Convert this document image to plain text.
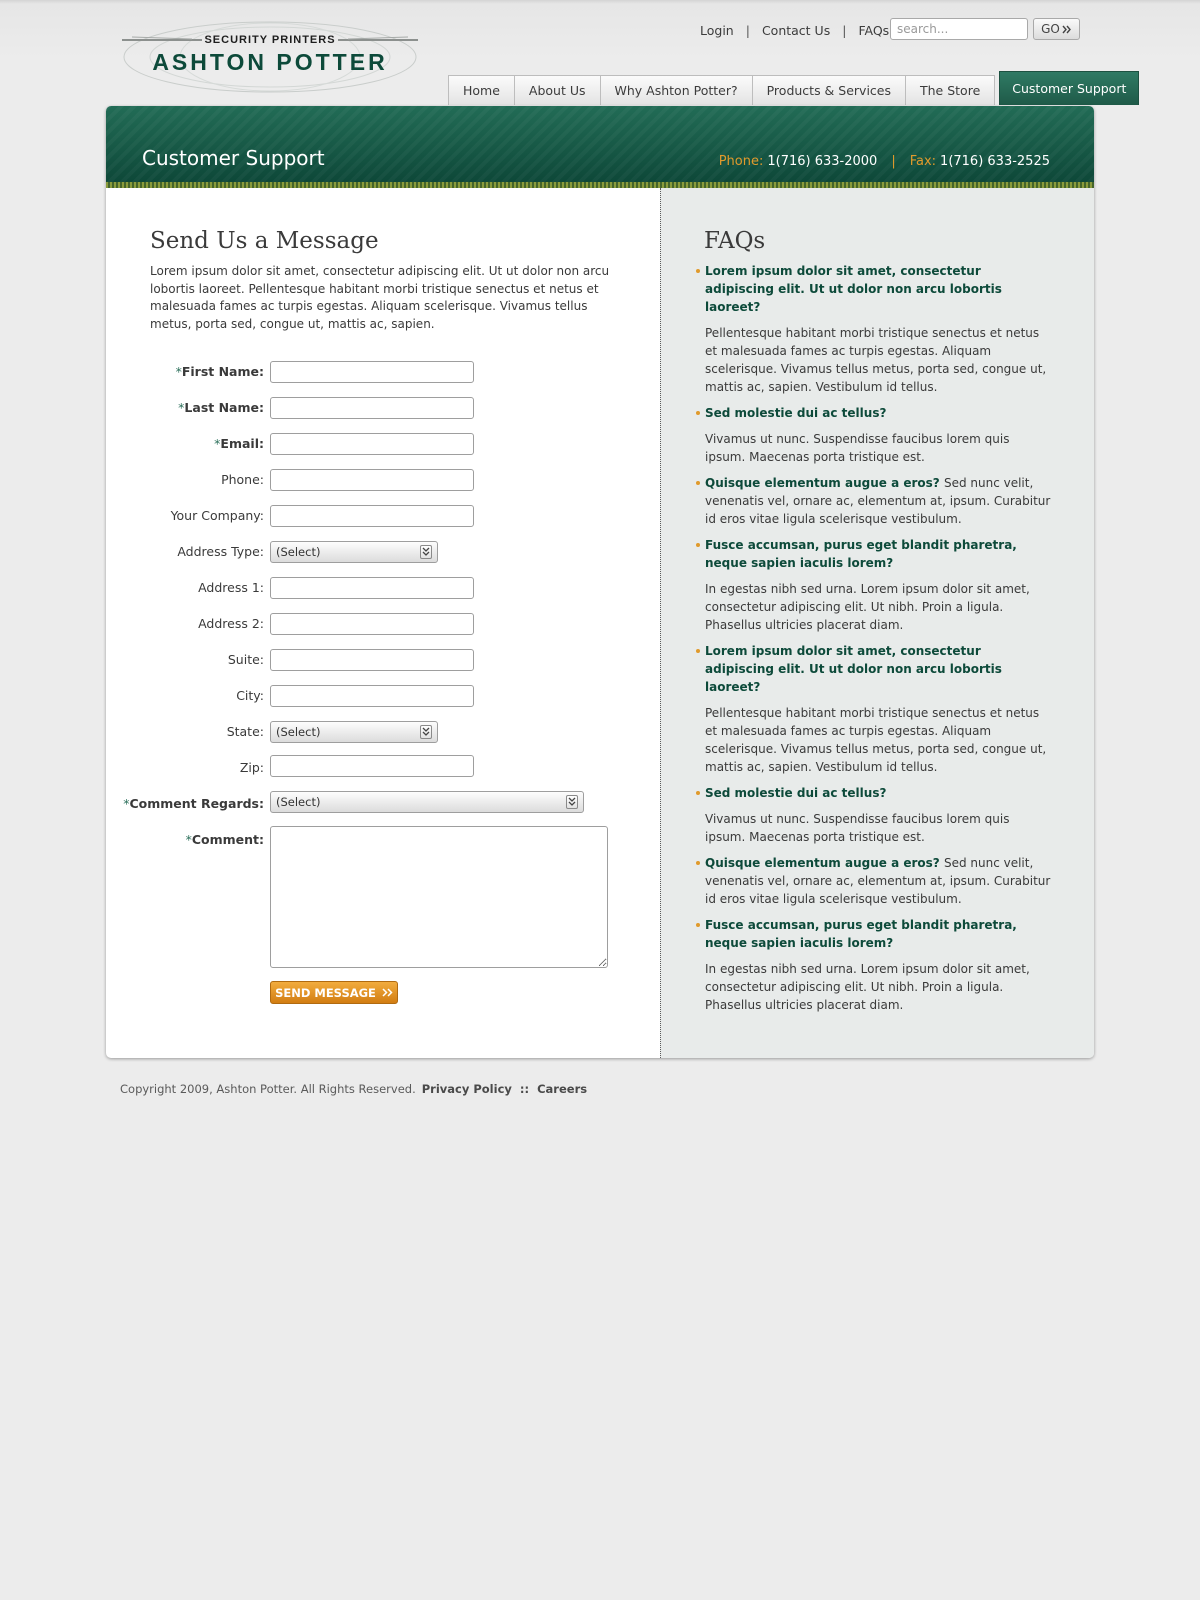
SECURITY PRINTERS
ASHTON POTTER
Login | Contact Us | FAQs
search...	GO
Home	About Us	Why Ashton Potter?	Products & Services	The Store	Customer Support
Customer Support	Phone: 1(716) 633-2000 | Fax: 1(716) 633-2525
Send Us a Message
Lorem ipsum dolor sit amet, consectetur adipiscing elit. Ut ut dolor non arcu lobortis laoreet. Pellentesque habitant morbi tristique senectus et netus et malesuada fames ac turpis egestas. Aliquam scelerisque. Vivamus tellus metus, porta sed, congue ut, mattis ac, sapien.
*First Name:
*Last Name:
*Email:
Phone:
Your Company:
Address Type: (Select)
Address 1:
Address 2:
Suite:
City:
State: (Select)
Zip:
*Comment Regards: (Select)
*Comment:
SEND MESSAGE
FAQs
Lorem ipsum dolor sit amet, consectetur adipiscing elit. Ut ut dolor non arcu lobortis laoreet?
Pellentesque habitant morbi tristique senectus et netus et malesuada fames ac turpis egestas. Aliquam scelerisque. Vivamus tellus metus, porta sed, congue ut, mattis ac, sapien. Vestibulum id tellus.
Sed molestie dui ac tellus?
Vivamus ut nunc. Suspendisse faucibus lorem quis ipsum. Maecenas porta tristique est.
Quisque elementum augue a eros? Sed nunc velit, venenatis vel, ornare ac, elementum at, ipsum. Curabitur id eros vitae ligula scelerisque vestibulum.
Fusce accumsan, purus eget blandit pharetra, neque sapien iaculis lorem?
In egestas nibh sed urna. Lorem ipsum dolor sit amet, consectetur adipiscing elit. Ut nibh. Proin a ligula. Phasellus ultricies placerat diam.
Lorem ipsum dolor sit amet, consectetur adipiscing elit. Ut ut dolor non arcu lobortis laoreet?
Pellentesque habitant morbi tristique senectus et netus et malesuada fames ac turpis egestas. Aliquam scelerisque. Vivamus tellus metus, porta sed, congue ut, mattis ac, sapien. Vestibulum id tellus.
Sed molestie dui ac tellus?
Vivamus ut nunc. Suspendisse faucibus lorem quis ipsum. Maecenas porta tristique est.
Quisque elementum augue a eros? Sed nunc velit, venenatis vel, ornare ac, elementum at, ipsum. Curabitur id eros vitae ligula scelerisque vestibulum.
Fusce accumsan, purus eget blandit pharetra, neque sapien iaculis lorem?
In egestas nibh sed urna. Lorem ipsum dolor sit amet, consectetur adipiscing elit. Ut nibh. Proin a ligula. Phasellus ultricies placerat diam.
Copyright 2009, Ashton Potter. All Rights Reserved. Privacy Policy :: Careers
